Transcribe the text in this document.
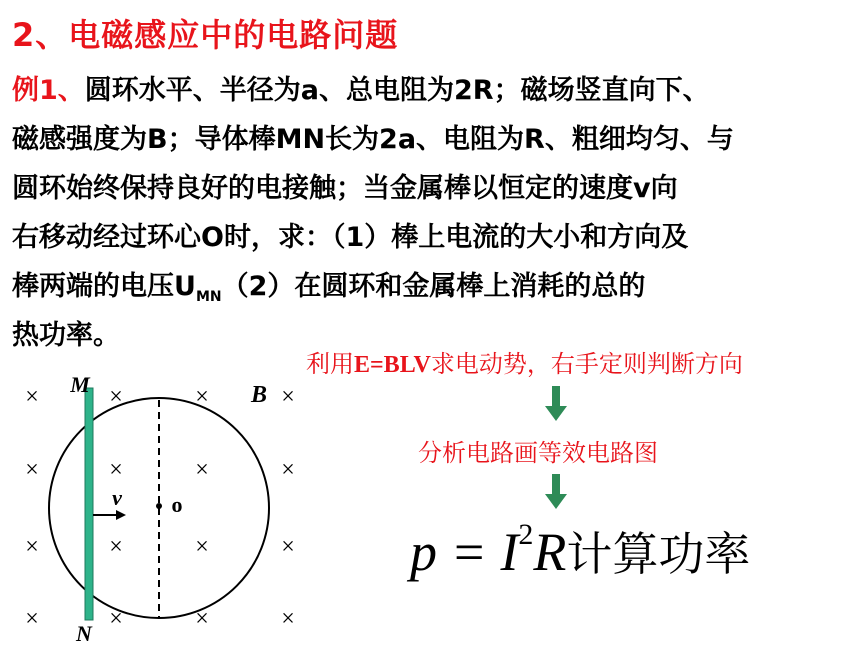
2、电磁感应中的电路问题
例1、圆环水平、半径为a、总电阻为2R；磁场竖直向下、
磁感强度为B；导体棒MN长为2a、电阻为R、粗细均匀、与
圆环始终保持良好的电接触；当金属棒以恒定的速度v向
右移动经过环心O时，求：（1）棒上电流的大小和方向及
棒两端的电压$U_{MN}(2)$在圆环和金属棒上消耗的总的
热功率。
利用E=BLV求电动势，右手定则判断方向
分析电路画等效电路图
p = I2R计算功率
×	×	×	×
×	×	×	×
×	×	×	×
×	×	×	×
M
N
B
v o
